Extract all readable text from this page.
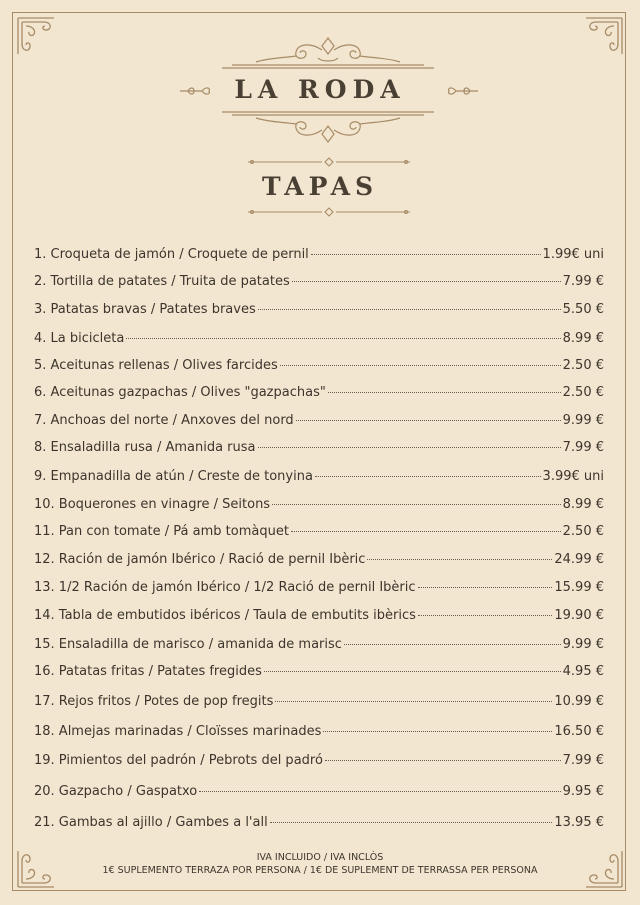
LA RODA
TAPAS
1. Croqueta de jamón / Croquete de pernil	1.99€ uni
2. Tortilla de patates / Truita de patates	7.99 €
3. Patatas bravas / Patates braves	5.50 €
4. La bicicleta	8.99 €
5. Aceitunas rellenas / Olives farcides	2.50 €
6. Aceitunas gazpachas / Olives "gazpachas"	2.50 €
7. Anchoas del norte / Anxoves del nord	9.99 €
8. Ensaladilla rusa / Amanida rusa	7.99 €
9. Empanadilla de atún / Creste de tonyina	3.99€ uni
10. Boquerones en vinagre / Seitons	8.99 €
11. Pan con tomate / Pá amb tomàquet	2.50 €
12. Ración de jamón Ibérico / Ració de pernil Ibèric	24.99 €
13. 1/2 Ración de jamón Ibérico / 1/2 Ració de pernil Ibèric	15.99 €
14. Tabla de embutidos ibéricos / Taula de embutits ibèrics	19.90 €
15. Ensaladilla de marisco / amanida de marisc	9.99 €
16. Patatas fritas / Patates fregides	4.95 €
17. Rejos fritos / Potes de pop fregits	10.99 €
18. Almejas marinadas / Cloïsses marinades	16.50 €
19. Pimientos del padrón / Pebrots del padró	7.99 €
20. Gazpacho / Gaspatxo	9.95 €
21. Gambas al ajillo / Gambes a l'all	13.95 €
IVA INCLUIDO / IVA INCLÒS
1€ SUPLEMENTO TERRAZA POR PERSONA / 1€ DE SUPLEMENT DE TERRASSA PER PERSONA
